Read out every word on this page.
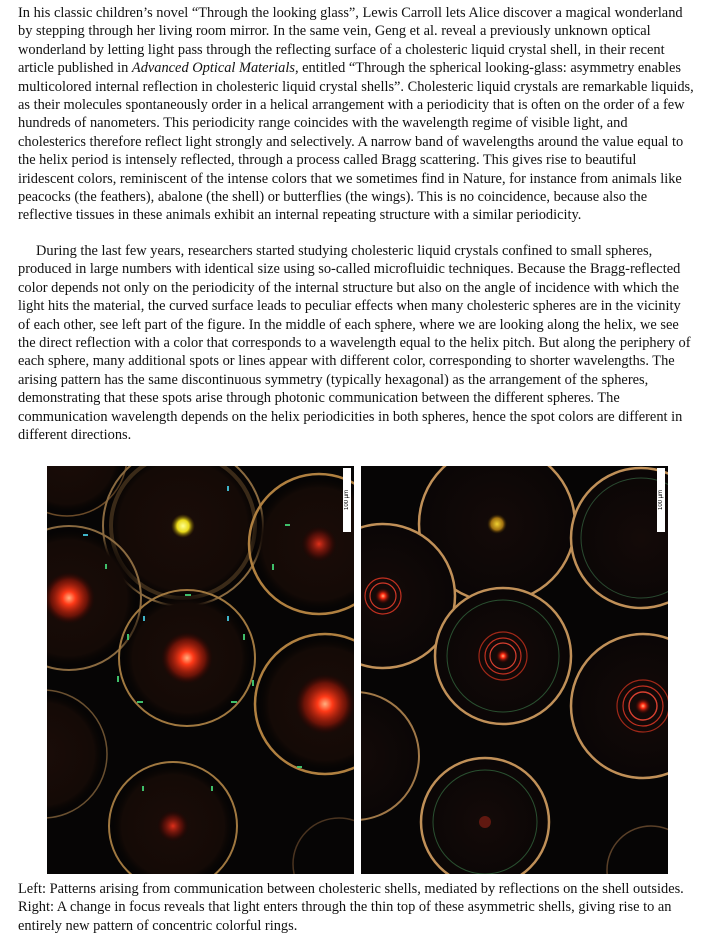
In his classic children’s novel “Through the looking glass”, Lewis Carroll lets Alice discover a magical wonderland by stepping through her living room mirror. In the same vein, Geng et al. reveal a previously unknown optical wonderland by letting light pass through the reflecting surface of a cholesteric liquid crystal shell, in their recent article published in Advanced Optical Materials, entitled “Through the spherical looking-glass: asymmetry enables multicolored internal reflection in cholesteric liquid crystal shells”. Cholesteric liquid crystals are remarkable liquids, as their molecules spontaneously order in a helical arrangement with a periodicity that is often on the order of a few hundreds of nanometers. This periodicity range coincides with the wavelength regime of visible light, and cholesterics therefore reflect light strongly and selectively. A narrow band of wavelengths around the value equal to the helix period is intensely reflected, through a process called Bragg scattering. This gives rise to beautiful iridescent colors, reminiscent of the intense colors that we sometimes find in Nature, for instance from animals like peacocks (the feathers), abalone (the shell) or butterflies (the wings). This is no coincidence, because also the reflective tissues in these animals exhibit an internal repeating structure with a similar periodicity.

During the last few years, researchers started studying cholesteric liquid crystals confined to small spheres, produced in large numbers with identical size using so-called microfluidic techniques. Because the Bragg-reflected color depends not only on the periodicity of the internal structure but also on the angle of incidence with which the light hits the material, the curved surface leads to peculiar effects when many cholesteric spheres are in the vicinity of each other, see left part of the figure. In the middle of each sphere, where we are looking along the helix, we see the direct reflection with a color that corresponds to a wavelength equal to the helix pitch. But along the periphery of each sphere, many additional spots or lines appear with different color, corresponding to shorter wavelengths. The arising pattern has the same discontinuous symmetry (typically hexagonal) as the arrangement of the spheres, demonstrating that these spots arise through photonic communication between the different spheres. The communication wavelength depends on the helix periodicities in both spheres, hence the spot colors are different in different directions.

100 µm	100 µm

Left: Patterns arising from communication between cholesteric shells, mediated by reflections on the shell outsides. Right: A change in focus reveals that light enters through the thin top of these asymmetric shells, giving rise to an entirely new pattern of concentric colorful rings.
